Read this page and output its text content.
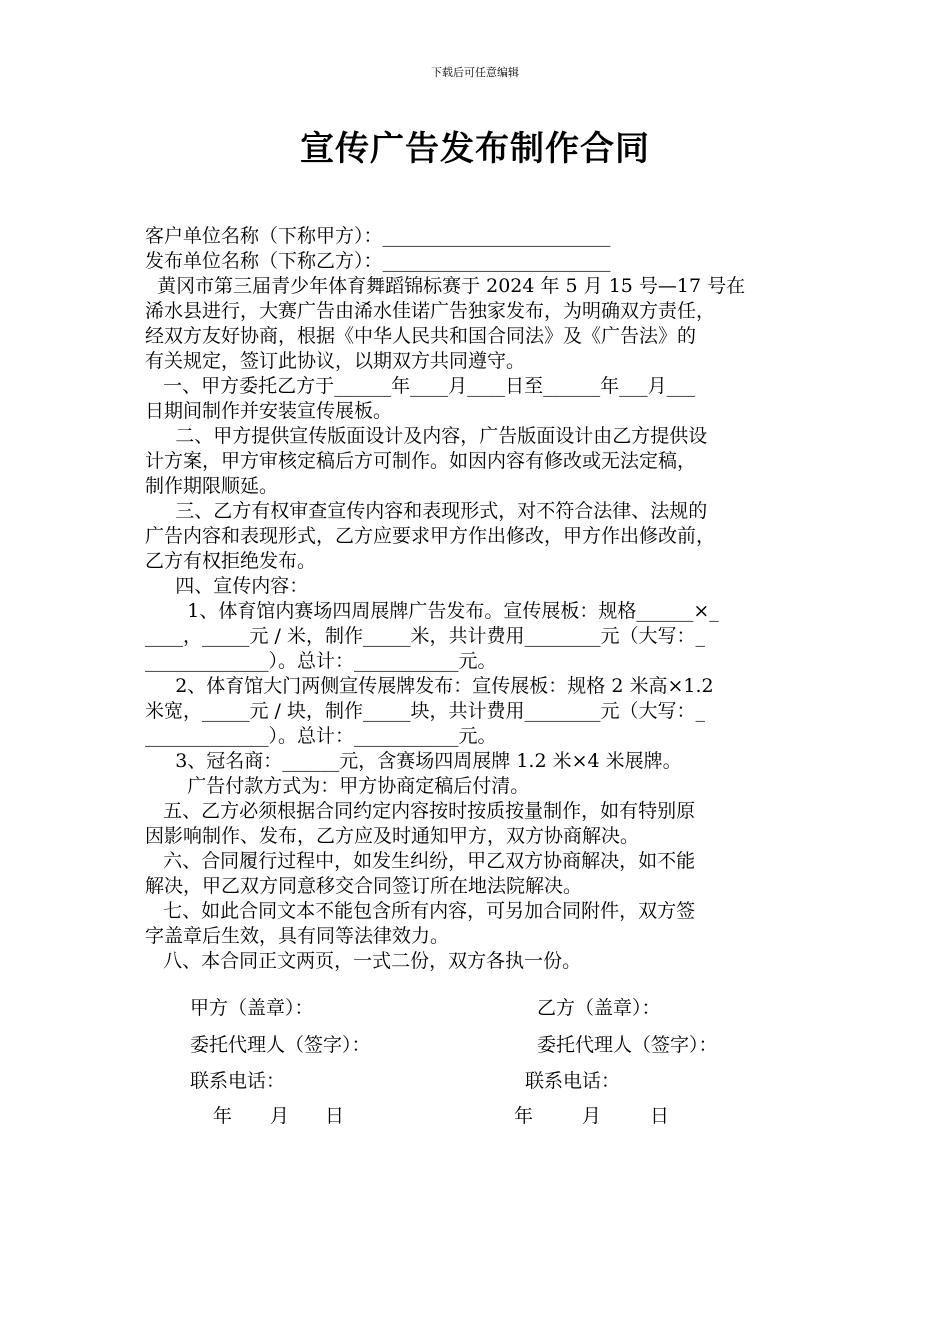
下载后可任意编辑
宣传广告发布制作合同
客户单位名称（下称甲方）：________________________
发布单位名称（下称乙方）：________________________
黄冈市第三届青少年体育舞蹈锦标赛于 2024 年 5 月 15 号—17 号在
浠水县进行，大赛广告由浠水佳诺广告独家发布，为明确双方责任，
经双方友好协商，根据《中华人民共和国合同法》及《广告法》的
有关规定，签订此协议，以期双方共同遵守。
一、甲方委托乙方于______年____月____日至______年___月___
日期间制作并安装宣传展板。
二、甲方提供宣传版面设计及内容，广告版面设计由乙方提供设
计方案，甲方审核定稿后方可制作。如因内容有修改或无法定稿，
制作期限顺延。
三、乙方有权审查宣传内容和表现形式，对不符合法律、法规的
广告内容和表现形式，乙方应要求甲方作出修改，甲方作出修改前，
乙方有权拒绝发布。
四、宣传内容：
1、体育馆内赛场四周展牌广告发布。宣传展板：规格______×_
____，_____元 / 米，制作_____米，共计费用________元（大写：_
_____________）。总计：___________元。
2、体育馆大门两侧宣传展牌发布：宣传展板：规格 2 米高×1.2
米宽，_____元 / 块，制作_____块，共计费用________元（大写：_
_____________）。总计：___________元。
3、冠名商：______元，含赛场四周展牌 1.2 米×4 米展牌。
广告付款方式为：甲方协商定稿后付清。
五、乙方必须根据合同约定内容按时按质按量制作，如有特别原
因影响制作、发布，乙方应及时通知甲方，双方协商解决。
六、合同履行过程中，如发生纠纷，甲乙双方协商解决，如不能
解决，甲乙双方同意移交合同签订所在地法院解决。
七、如此合同文本不能包含所有内容，可另加合同附件，双方签
字盖章后生效，具有同等法律效力。
八、本合同正文两页，一式二份，双方各执一份。
甲方（盖章）：	乙方（盖章）：
委托代理人（签字）：	委托代理人（签字）：
联系电话：	联系电话：
年 月 日	年	月	日
